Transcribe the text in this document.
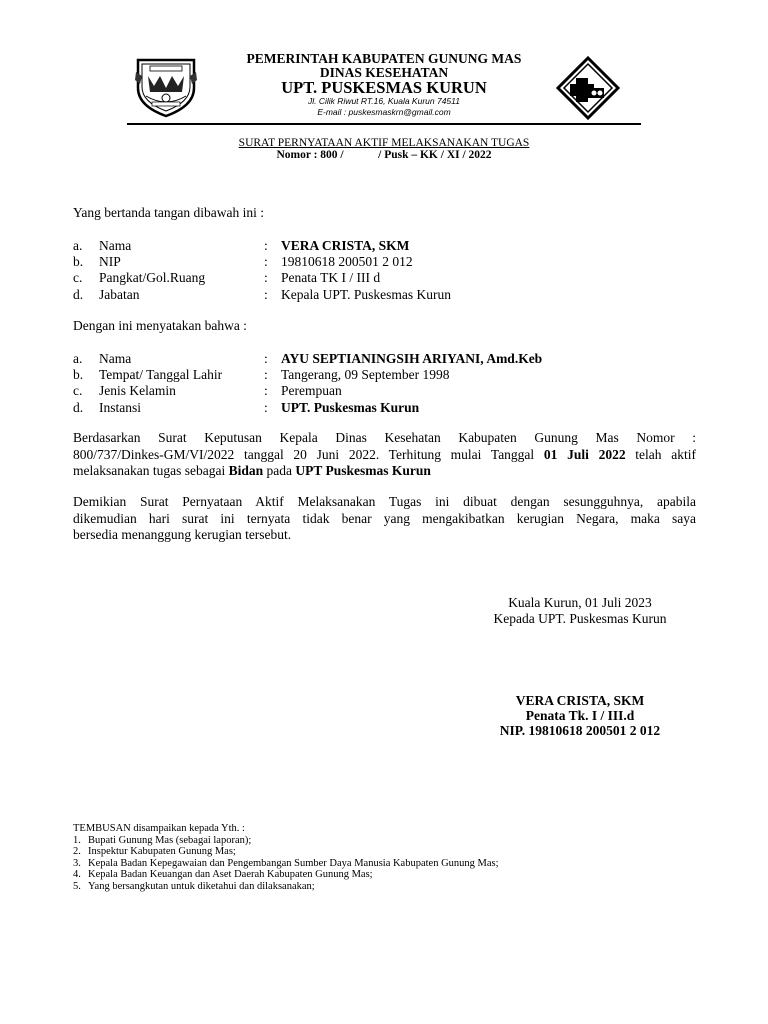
PEMERINTAH KABUPATEN GUNUNG MAS
DINAS KESEHATAN
UPT. PUSKESMAS KURUN
Jl. Cilik Riwut RT.16, Kuala Kurun 74511
E-mail : puskesmaskrn@gmail.com
SURAT PERNYATAAN AKTIF MELAKSANAKAN TUGAS
Nomor : 800 /            / Pusk – KK / XI / 2022
Yang bertanda tangan dibawah ini :
a. Nama	: VERA CRISTA, SKM
b. NIP	: 19810618 200501 2 012
c. Pangkat/Gol.Ruang	: Penata TK I / III d
d. Jabatan	: Kepala UPT. Puskesmas Kurun
Dengan ini menyatakan bahwa :
a. Nama	: AYU SEPTIANINGSIH ARIYANI, Amd.Keb
b. Tempat/ Tanggal Lahir	: Tangerang, 09 September 1998
c. Jenis Kelamin	: Perempuan
d. Instansi	: UPT. Puskesmas Kurun
Berdasarkan Surat Keputusan Kepala Dinas Kesehatan Kabupaten Gunung Mas Nomor :
800/737/Dinkes-GM/VI/2022 tanggal 20 Juni 2022. Terhitung mulai Tanggal 01 Juli 2022 telah aktif
melaksanakan tugas sebagai Bidan pada UPT Puskesmas Kurun
Demikian Surat Pernyataan Aktif Melaksanakan Tugas ini dibuat dengan sesungguhnya, apabila
dikemudian hari surat ini ternyata tidak benar yang mengakibatkan kerugian Negara, maka saya
bersedia menanggung kerugian tersebut.
Kuala Kurun, 01 Juli 2023
Kepada UPT. Puskesmas Kurun
VERA CRISTA, SKM
Penata Tk. I / III.d
NIP. 19810618 200501 2 012
TEMBUSAN disampaikan kepada Yth. :
1. Bupati Gunung Mas (sebagai laporan);
2. Inspektur Kabupaten Gunung Mas;
3. Kepala Badan Kepegawaian dan Pengembangan Sumber Daya Manusia Kabupaten Gunung Mas;
4. Kepala Badan Keuangan dan Aset Daerah Kabupaten Gunung Mas;
5. Yang bersangkutan untuk diketahui dan dilaksanakan;
